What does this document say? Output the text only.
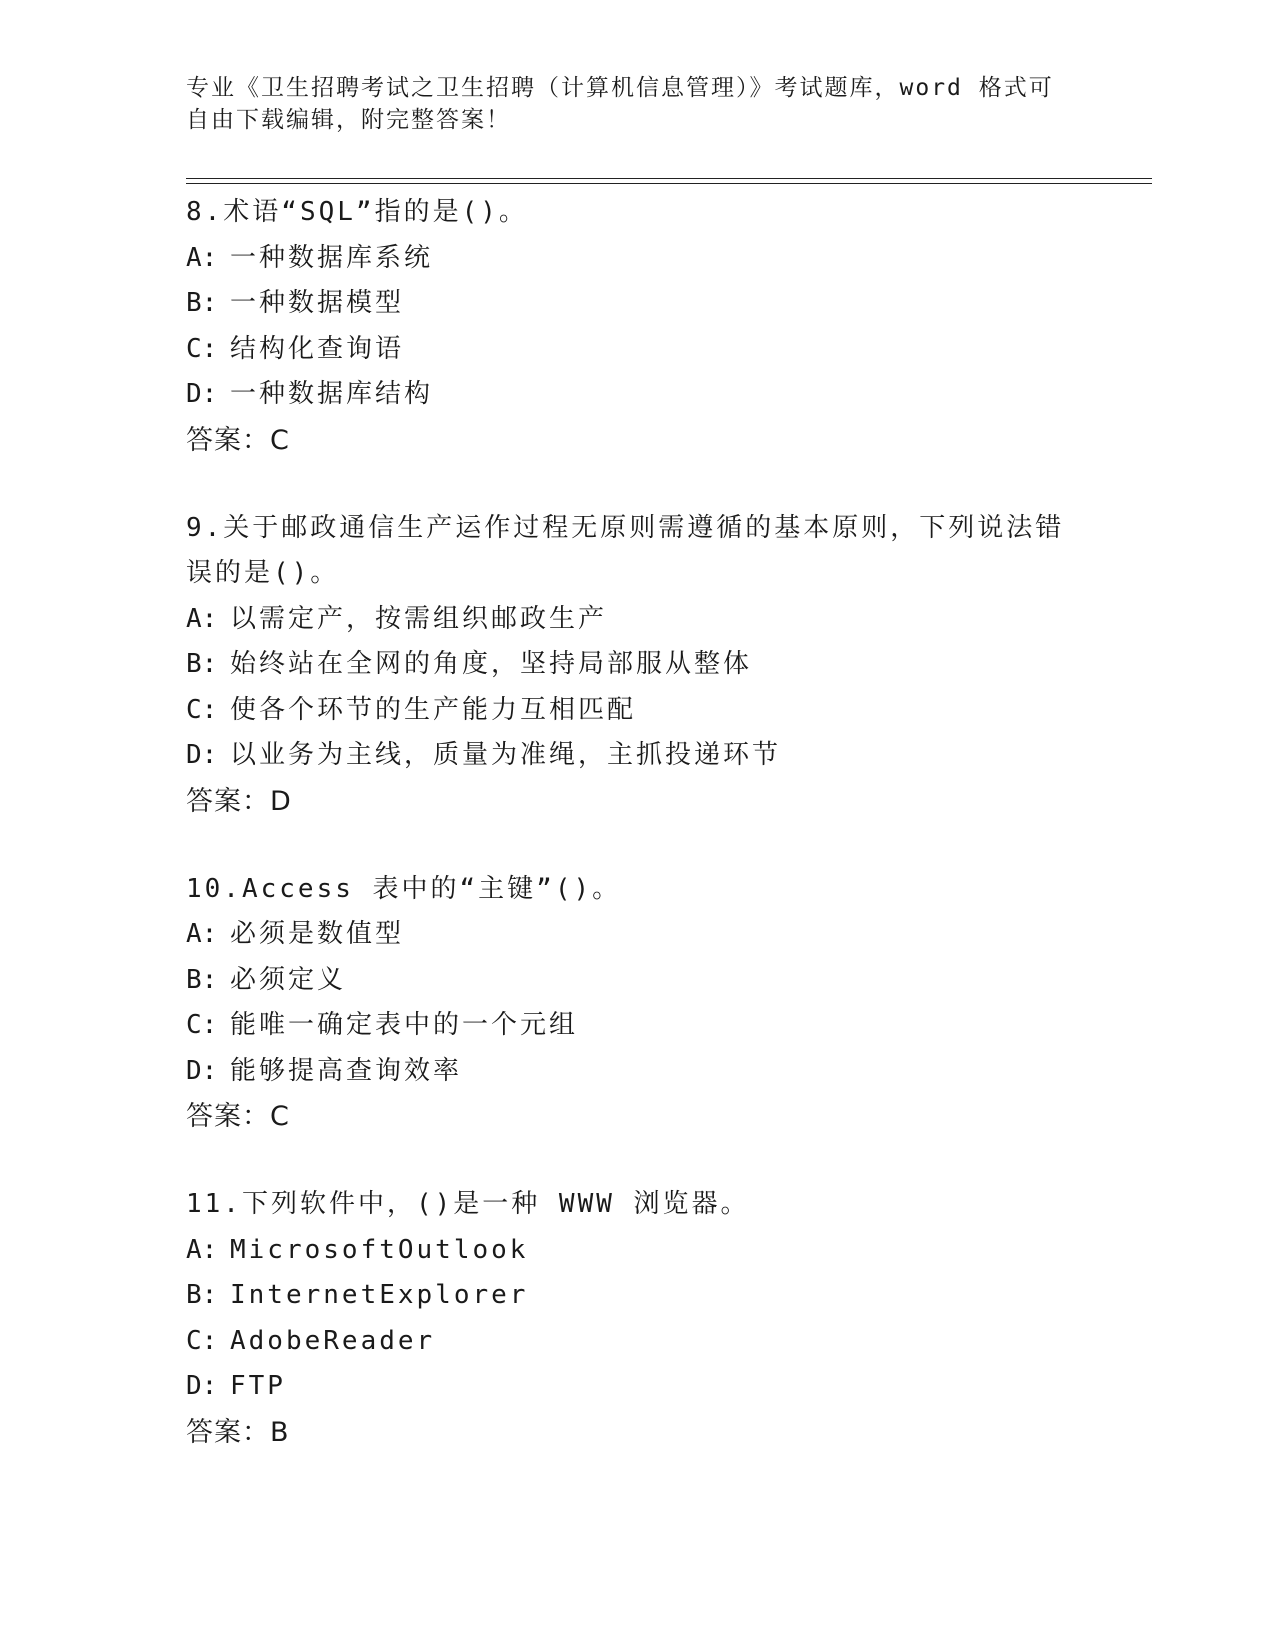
专业《卫生招聘考试之卫生招聘（计算机信息管理）》考试题库，word 格式可自由下载编辑，附完整答案！
8.术语“SQL”指的是()。
A: 一种数据库系统
B: 一种数据模型
C: 结构化查询语
D: 一种数据库结构
答案：C
9.关于邮政通信生产运作过程无原则需遵循的基本原则，下列说法错误的是()。
A: 以需定产，按需组织邮政生产
B: 始终站在全网的角度，坚持局部服从整体
C: 使各个环节的生产能力互相匹配
D: 以业务为主线，质量为准绳，主抓投递环节
答案：D
10.Access 表中的“主键”()。
A: 必须是数值型
B: 必须定义
C: 能唯一确定表中的一个元组
D: 能够提高查询效率
答案：C
11.下列软件中，()是一种 WWW 浏览器。
A: MicrosoftOutlook
B: InternetExplorer
C: AdobeReader
D: FTP
答案：B
